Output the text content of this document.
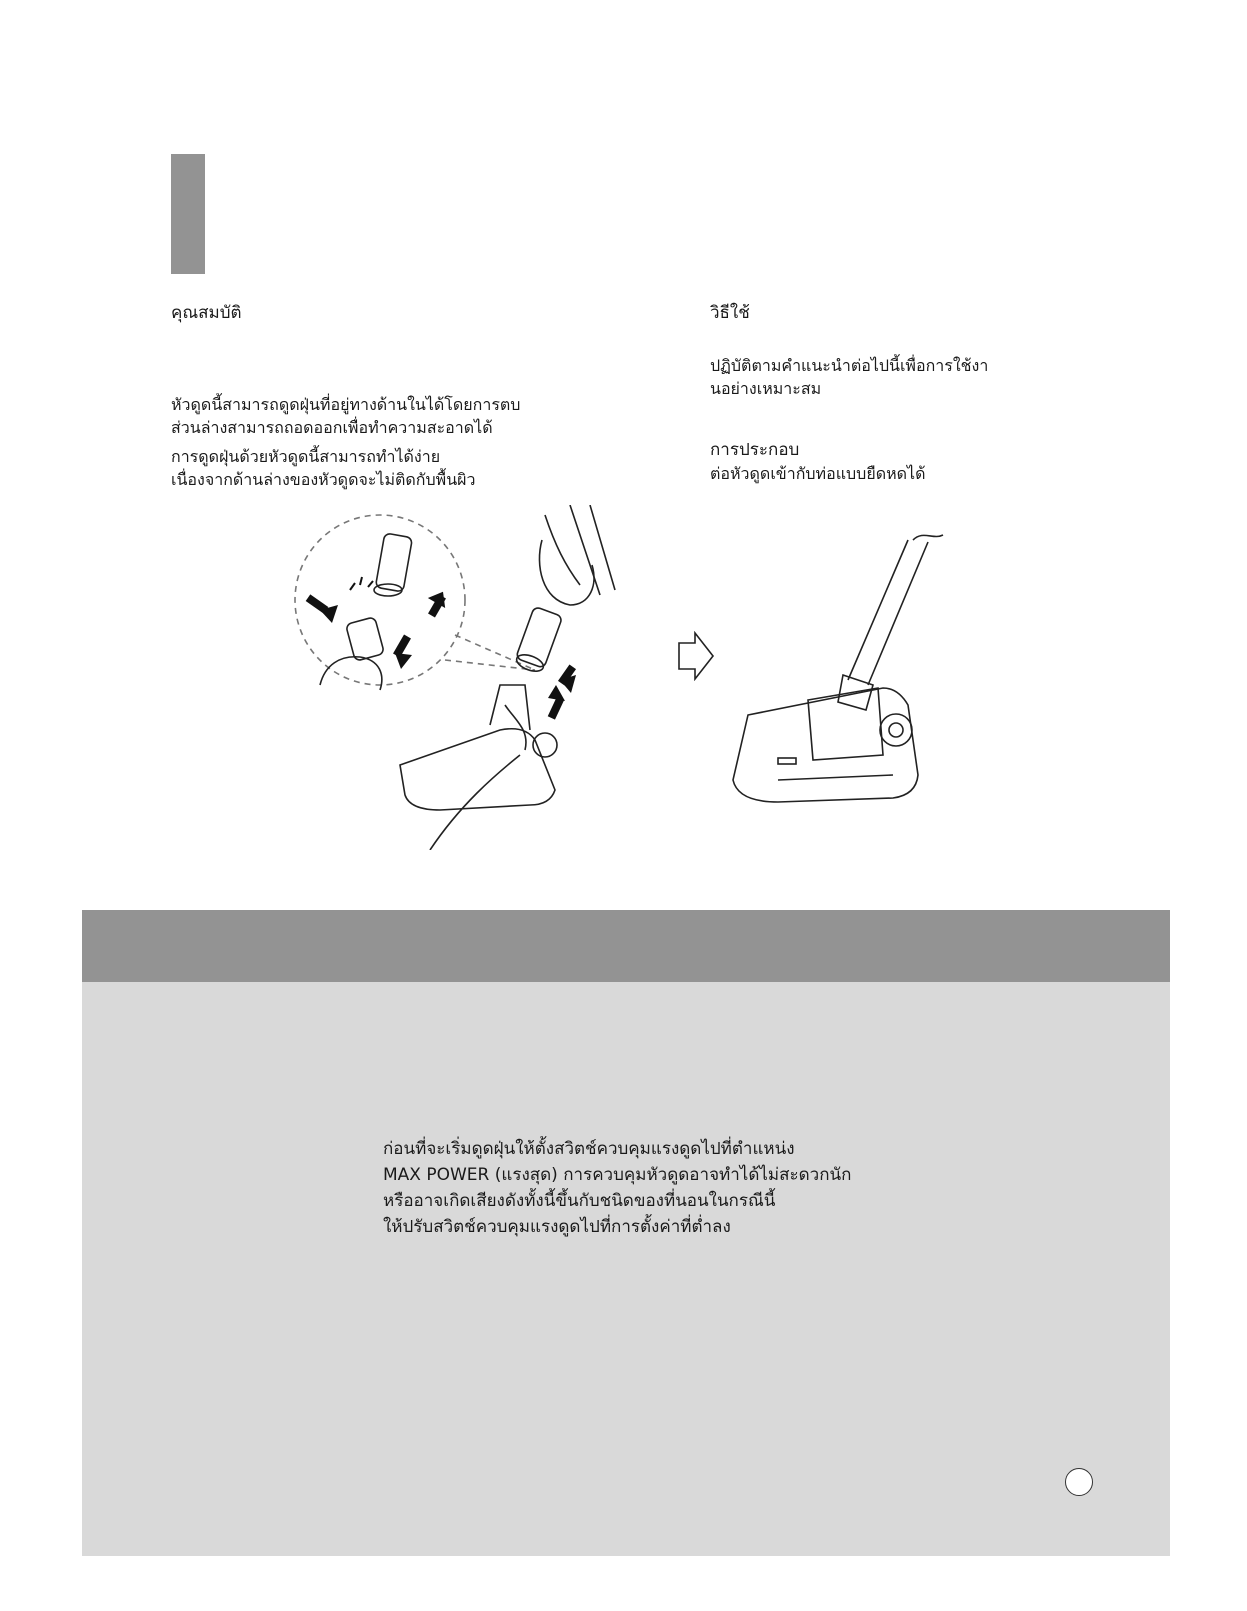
คุณสมบัติ

หัวดูดนี้สามารถดูดฝุ่นที่อยู่ทางด้านในได้โดยการตบ

ส่วนล่างสามารถถอดออกเพื่อทำความสะอาดได้

การดูดฝุ่นด้วยหัวดูดนี้สามารถทำได้ง่าย

เนื่องจากด้านล่างของหัวดูดจะไม่ติดกับพื้นผิว

วิธีใช้

ปฏิบัติตามคำแนะนำต่อไปนี้เพื่อการใช้งา

นอย่างเหมาะสม

การประกอบ

ต่อหัวดูดเข้ากับท่อแบบยืดหดได้

ก่อนที่จะเริ่มดูดฝุ่นให้ตั้งสวิตช์ควบคุมแรงดูดไปที่ตำแหน่ง

MAX POWER (แรงสุด) การควบคุมหัวดูดอาจทำได้ไม่สะดวกนัก

หรืออาจเกิดเสียงดังทั้งนี้ขึ้นกับชนิดของที่นอนในกรณีนี้

ให้ปรับสวิตช์ควบคุมแรงดูดไปที่การตั้งค่าที่ต่ำลง
